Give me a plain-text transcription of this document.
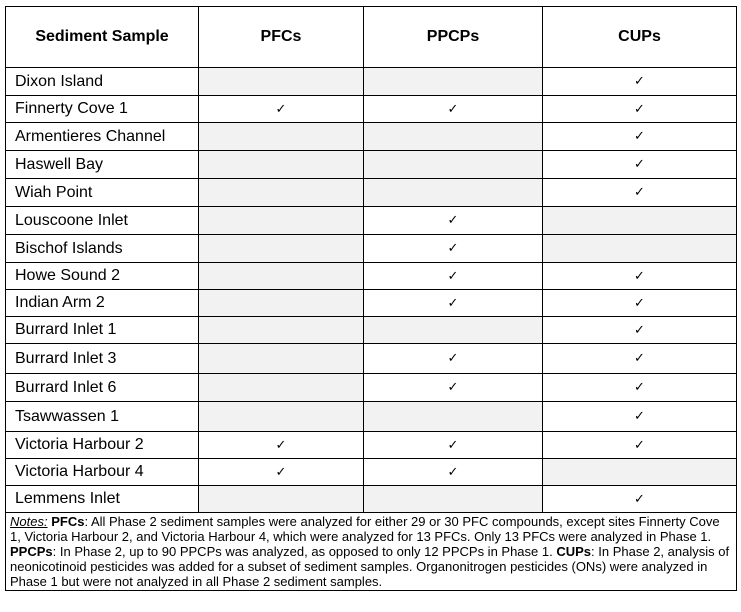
Sediment Sample	PFCs	PPCPs	CUPs
Dixon Island			✓
Finnerty Cove 1	✓	✓	✓
Armentieres Channel			✓
Haswell Bay			✓
Wiah Point			✓
Louscoone Inlet		✓	
Bischof Islands		✓	
Howe Sound 2		✓	✓
Indian Arm 2		✓	✓
Burrard Inlet 1			✓
Burrard Inlet 3		✓	✓
Burrard Inlet 6		✓	✓
Tsawwassen 1			✓
Victoria Harbour 2	✓	✓	✓
Victoria Harbour 4	✓	✓	
Lemmens Inlet			✓
Notes: PFCs: All Phase 2 sediment samples were analyzed for either 29 or 30 PFC compounds, except sites Finnerty Cove 1, Victoria Harbour 2, and Victoria Harbour 4, which were analyzed for 13 PFCs. Only 13 PFCs were analyzed in Phase 1. PPCPs: In Phase 2, up to 90 PPCPs was analyzed, as opposed to only 12 PPCPs in Phase 1. CUPs: In Phase 2, analysis of neonicotinoid pesticides was added for a subset of sediment samples. Organonitrogen pesticides (ONs) were analyzed in Phase 1 but were not analyzed in all Phase 2 sediment samples.			
